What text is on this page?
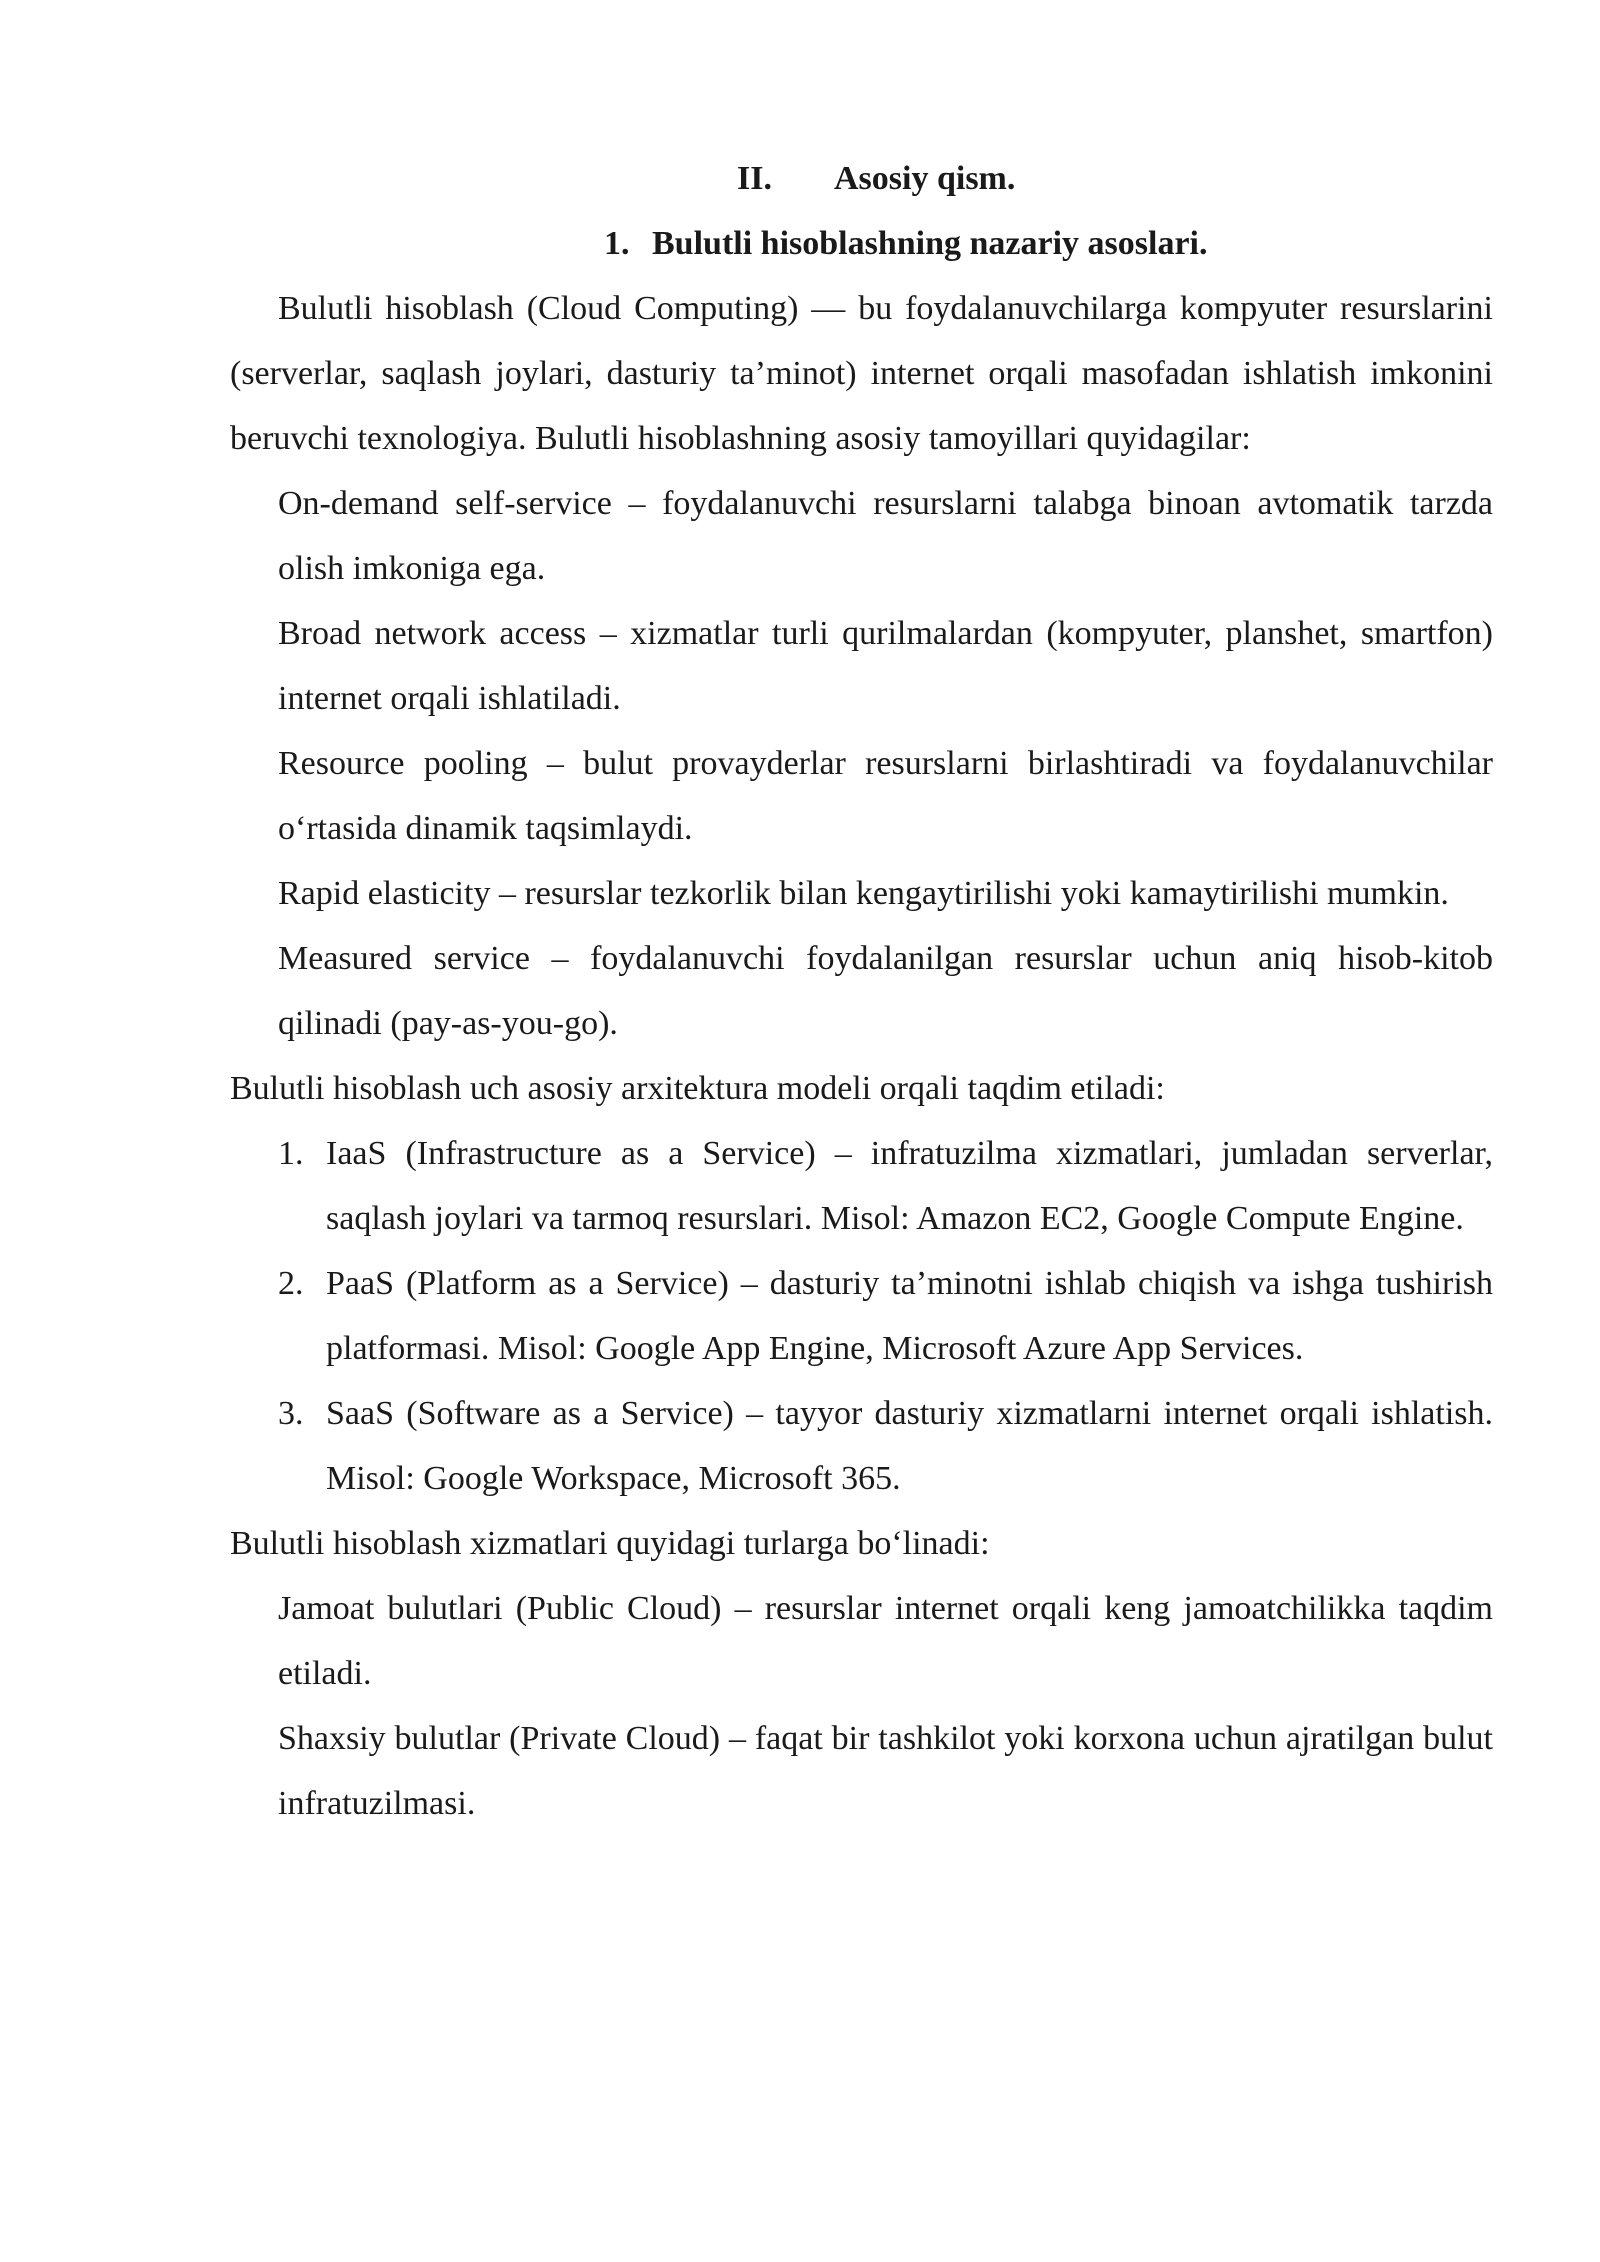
II. Asosiy qism.
1. Bulutli hisoblashning nazariy asoslari.

Bulutli hisoblash (Cloud Computing) — bu foydalanuvchilarga kompyuter resurslarini (serverlar, saqlash joylari, dasturiy ta’minot) internet orqali masofadan ishlatish imkonini beruvchi texnologiya. Bulutli hisoblashning asosiy tamoyillari quyidagilar:

On-demand self-service – foydalanuvchi resurslarni talabga binoan avtomatik tarzda olish imkoniga ega.

Broad network access – xizmatlar turli qurilmalardan (kompyuter, planshet, smartfon) internet orqali ishlatiladi.

Resource pooling – bulut provayderlar resurslarni birlashtiradi va foydalanuvchilar o‘rtasida dinamik taqsimlaydi.

Rapid elasticity – resurslar tezkorlik bilan kengaytirilishi yoki kamaytirilishi mumkin.

Measured service – foydalanuvchi foydalanilgan resurslar uchun aniq hisob-kitob qilinadi (pay-as-you-go).

Bulutli hisoblash uch asosiy arxitektura modeli orqali taqdim etiladi:

1. IaaS (Infrastructure as a Service) – infratuzilma xizmatlari, jumladan serverlar, saqlash joylari va tarmoq resurslari. Misol: Amazon EC2, Google Compute Engine.
2. PaaS (Platform as a Service) – dasturiy ta’minotni ishlab chiqish va ishga tushirish platformasi. Misol: Google App Engine, Microsoft Azure App Services.
3. SaaS (Software as a Service) – tayyor dasturiy xizmatlarni internet orqali ishlatish. Misol: Google Workspace, Microsoft 365.

Bulutli hisoblash xizmatlari quyidagi turlarga bo‘linadi:

Jamoat bulutlari (Public Cloud) – resurslar internet orqali keng jamoatchilikka taqdim etiladi.

Shaxsiy bulutlar (Private Cloud) – faqat bir tashkilot yoki korxona uchun ajratilgan bulut infratuzilmasi.
